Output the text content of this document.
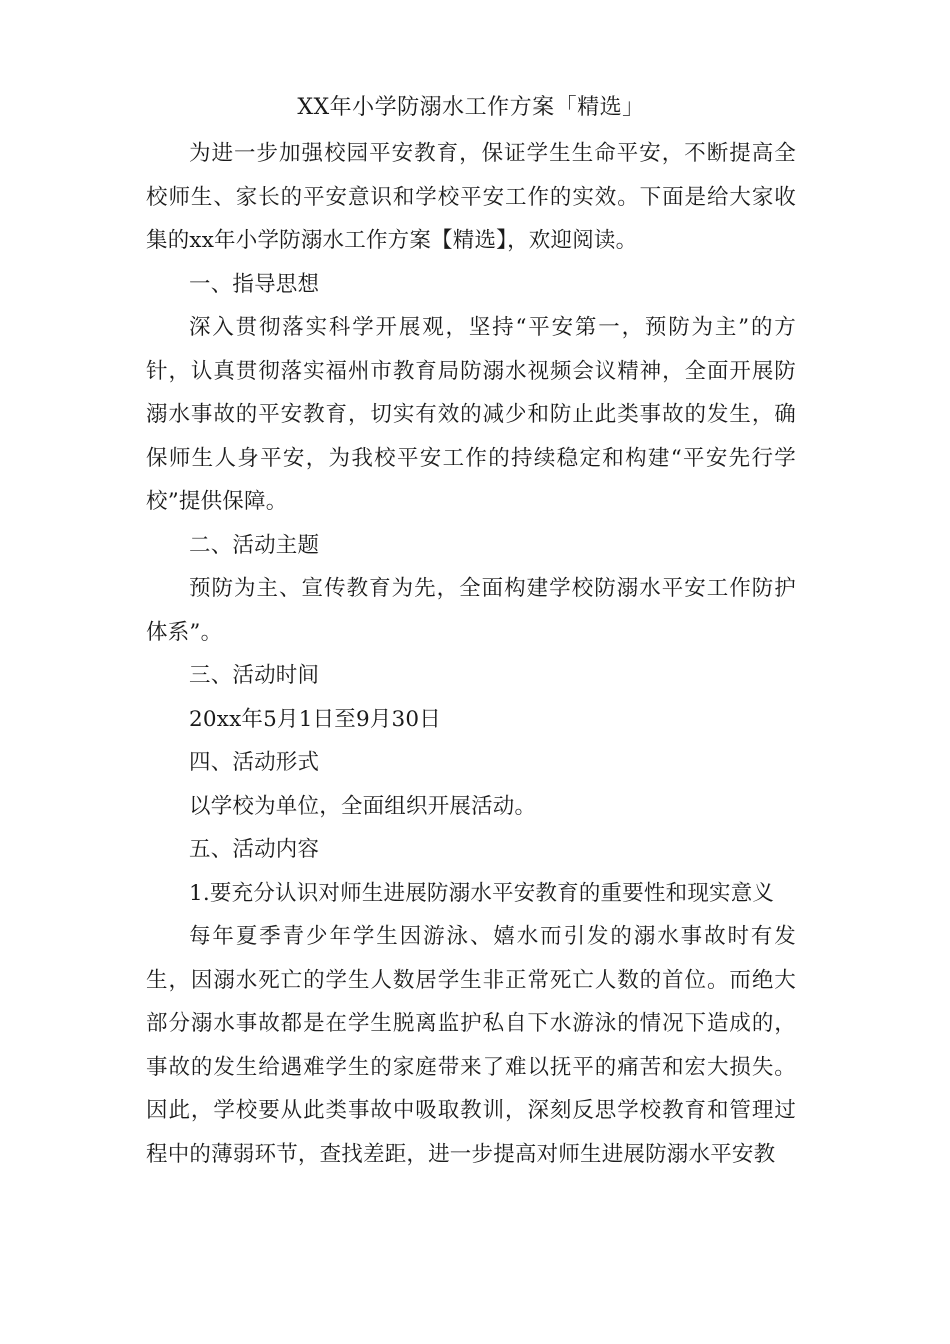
XX年小学防溺水工作方案「精选」

为进一步加强校园平安教育，保证学生生命平安，不断提高全校师生、家长的平安意识和学校平安工作的实效。下面是给大家收集的xx年小学防溺水工作方案【精选】，欢迎阅读。

一、指导思想

深入贯彻落实科学开展观，坚持“平安第一，预防为主”的方针，认真贯彻落实福州市教育局防溺水视频会议精神，全面开展防溺水事故的平安教育，切实有效的减少和防止此类事故的发生，确保师生人身平安，为我校平安工作的持续稳定和构建“平安先行学校”提供保障。

二、活动主题

预防为主、宣传教育为先，全面构建学校防溺水平安工作防护体系”。

三、活动时间

20xx年5月1日至9月30日

四、活动形式

以学校为单位，全面组织开展活动。

五、活动内容

1.要充分认识对师生进展防溺水平安教育的重要性和现实意义

每年夏季青少年学生因游泳、嬉水而引发的溺水事故时有发生，因溺水死亡的学生人数居学生非正常死亡人数的首位。而绝大部分溺水事故都是在学生脱离监护私自下水游泳的情况下造成的，事故的发生给遇难学生的家庭带来了难以抚平的痛苦和宏大损失。因此，学校要从此类事故中吸取教训，深刻反思学校教育和管理过程中的薄弱环节，查找差距，进一步提高对师生进展防溺水平安教
